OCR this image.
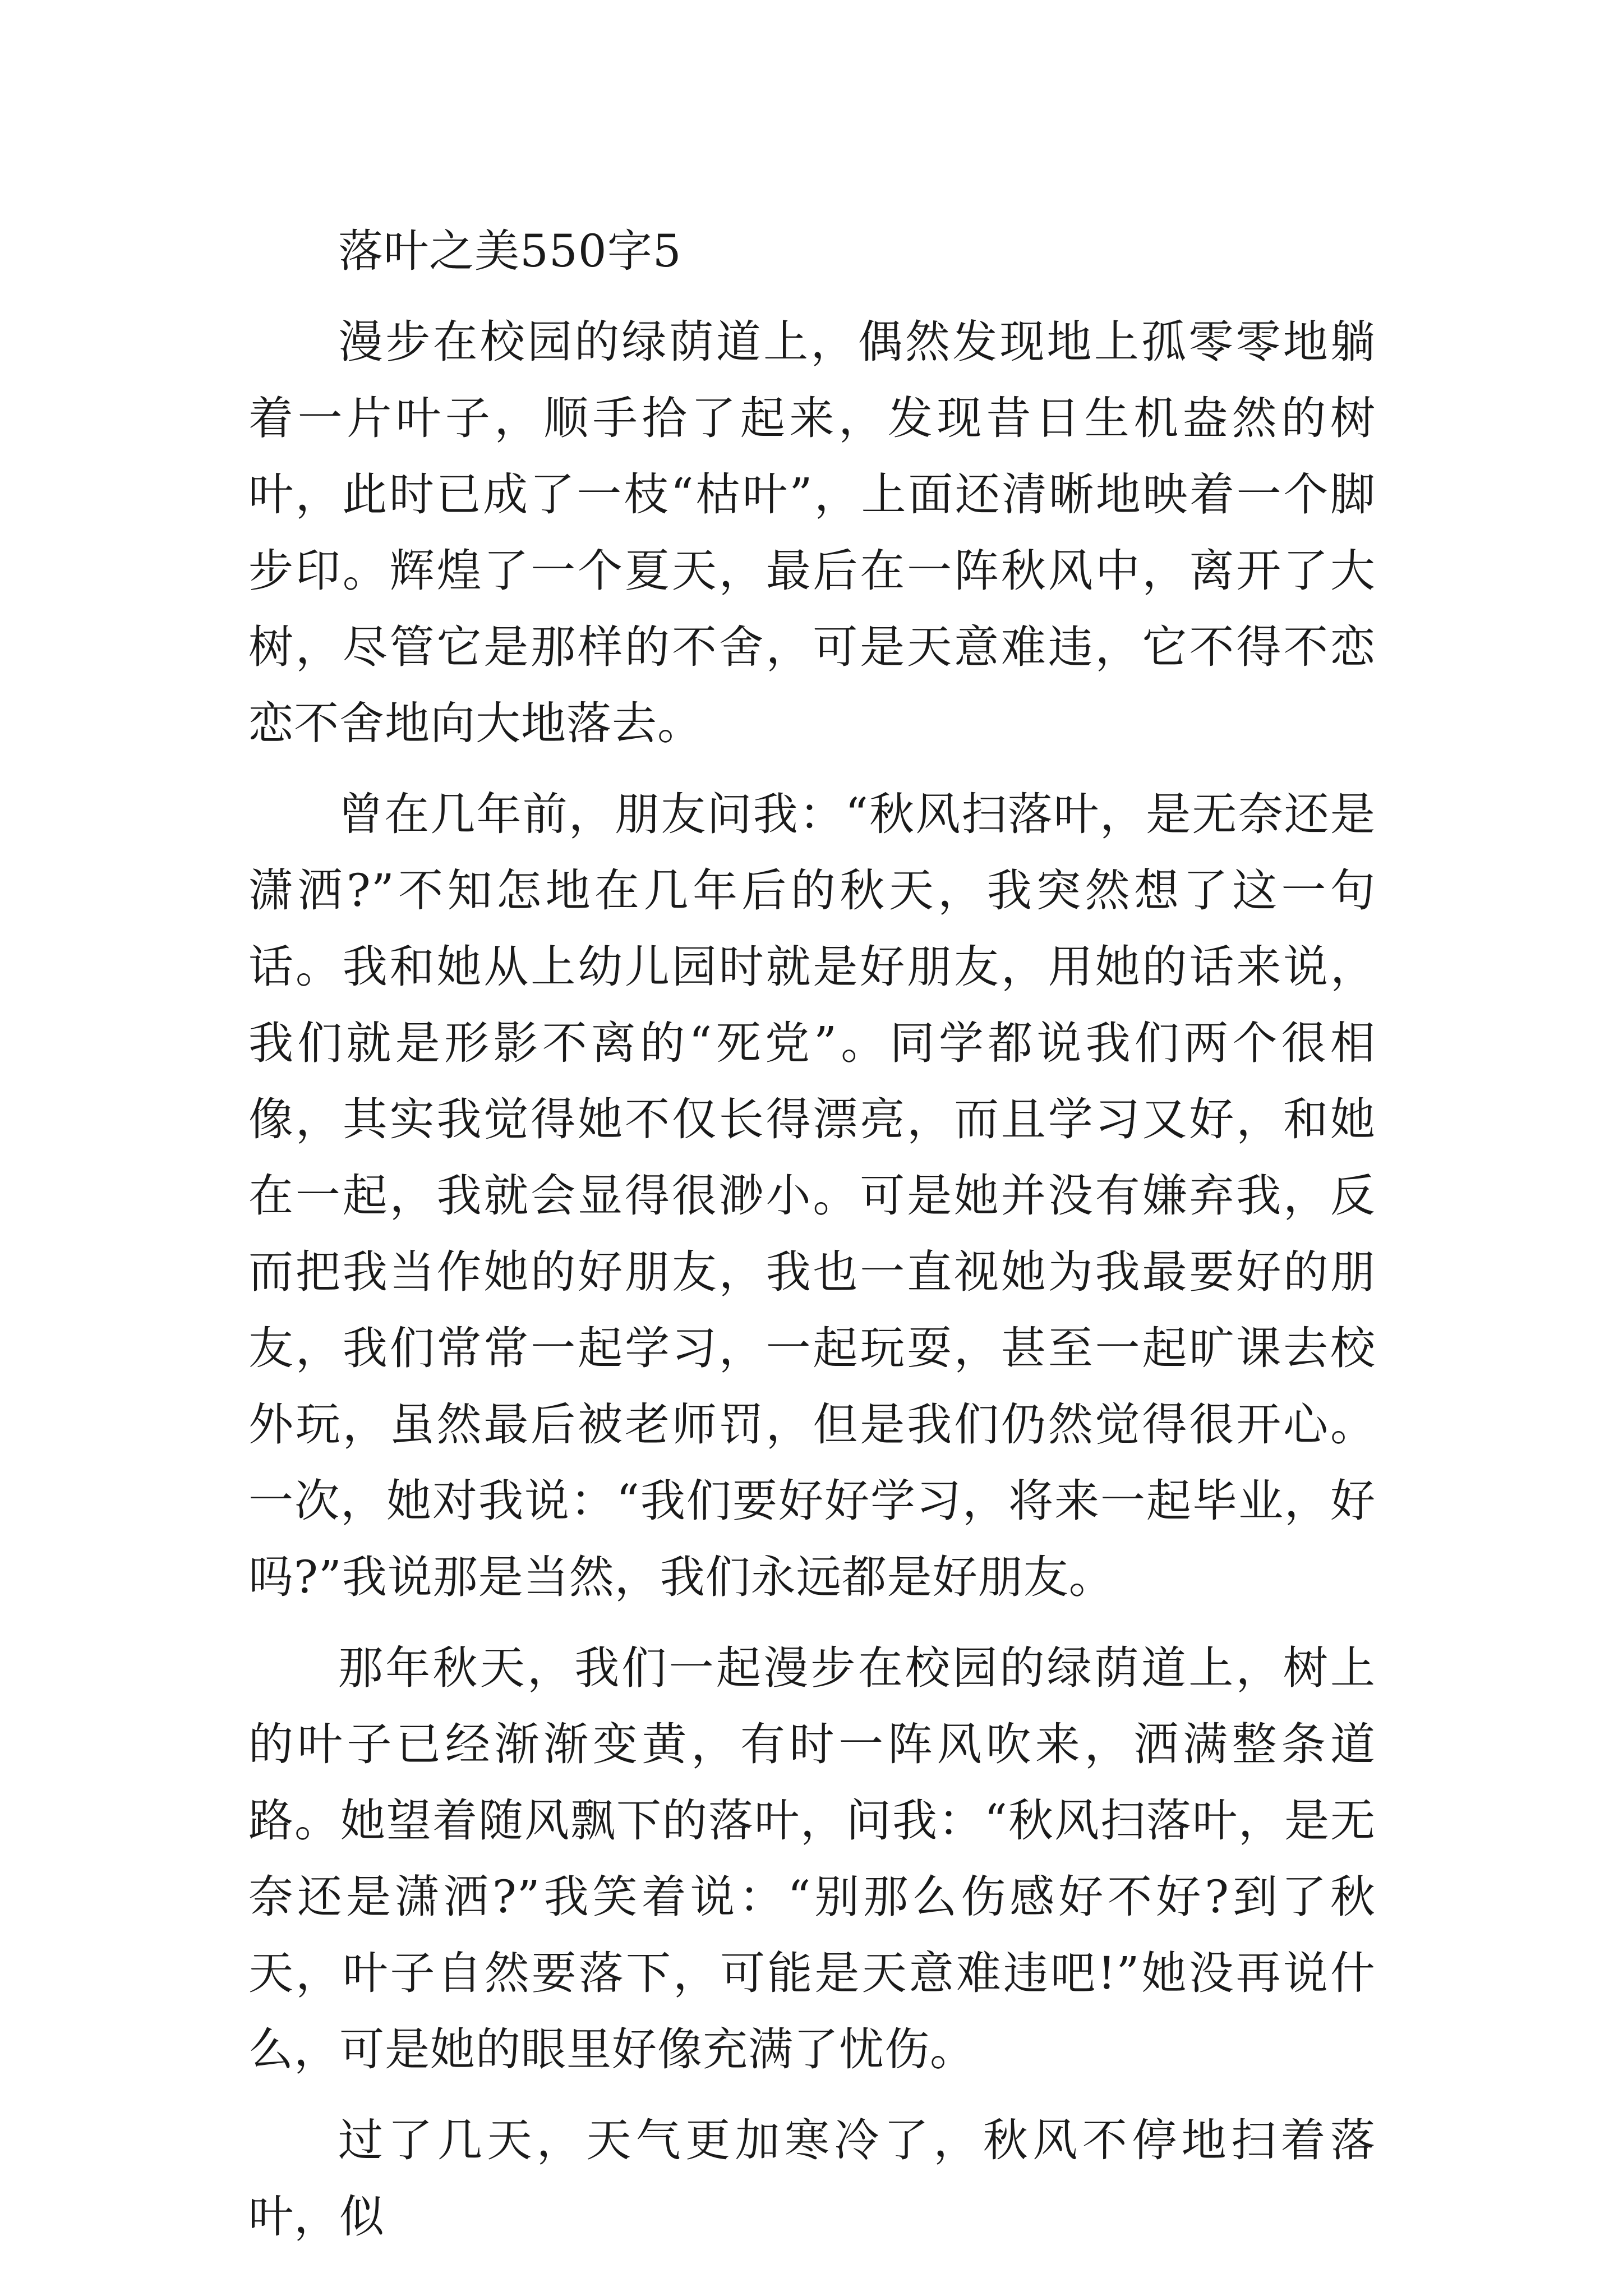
落叶之美550字5

漫步在校园的绿荫道上，偶然发现地上孤零零地躺着一片叶子，顺手拾了起来，发现昔日生机盎然的树叶，此时已成了一枝“枯叶”，上面还清晰地映着一个脚步印。辉煌了一个夏天，最后在一阵秋风中，离开了大树，尽管它是那样的不舍，可是天意难违，它不得不恋恋不舍地向大地落去。

曾在几年前，朋友问我：“秋风扫落叶，是无奈还是潇洒?”不知怎地在几年后的秋天，我突然想了这一句话。我和她从上幼儿园时就是好朋友，用她的话来说，我们就是形影不离的“死党”。同学都说我们两个很相像，其实我觉得她不仅长得漂亮，而且学习又好，和她在一起，我就会显得很渺小。可是她并没有嫌弃我，反而把我当作她的好朋友，我也一直视她为我最要好的朋友，我们常常一起学习，一起玩耍，甚至一起旷课去校外玩，虽然最后被老师罚，但是我们仍然觉得很开心。一次，她对我说：“我们要好好学习，将来一起毕业，好吗?”我说那是当然，我们永远都是好朋友。

那年秋天，我们一起漫步在校园的绿荫道上，树上的叶子已经渐渐变黄，有时一阵风吹来，洒满整条道路。她望着随风飘下的落叶，问我：“秋风扫落叶，是无奈还是潇洒?”我笑着说：“别那么伤感好不好?到了秋天，叶子自然要落下，可能是天意难违吧!”她没再说什么，可是她的眼里好像充满了忧伤。

过了几天，天气更加寒冷了，秋风不停地扫着落叶，似
